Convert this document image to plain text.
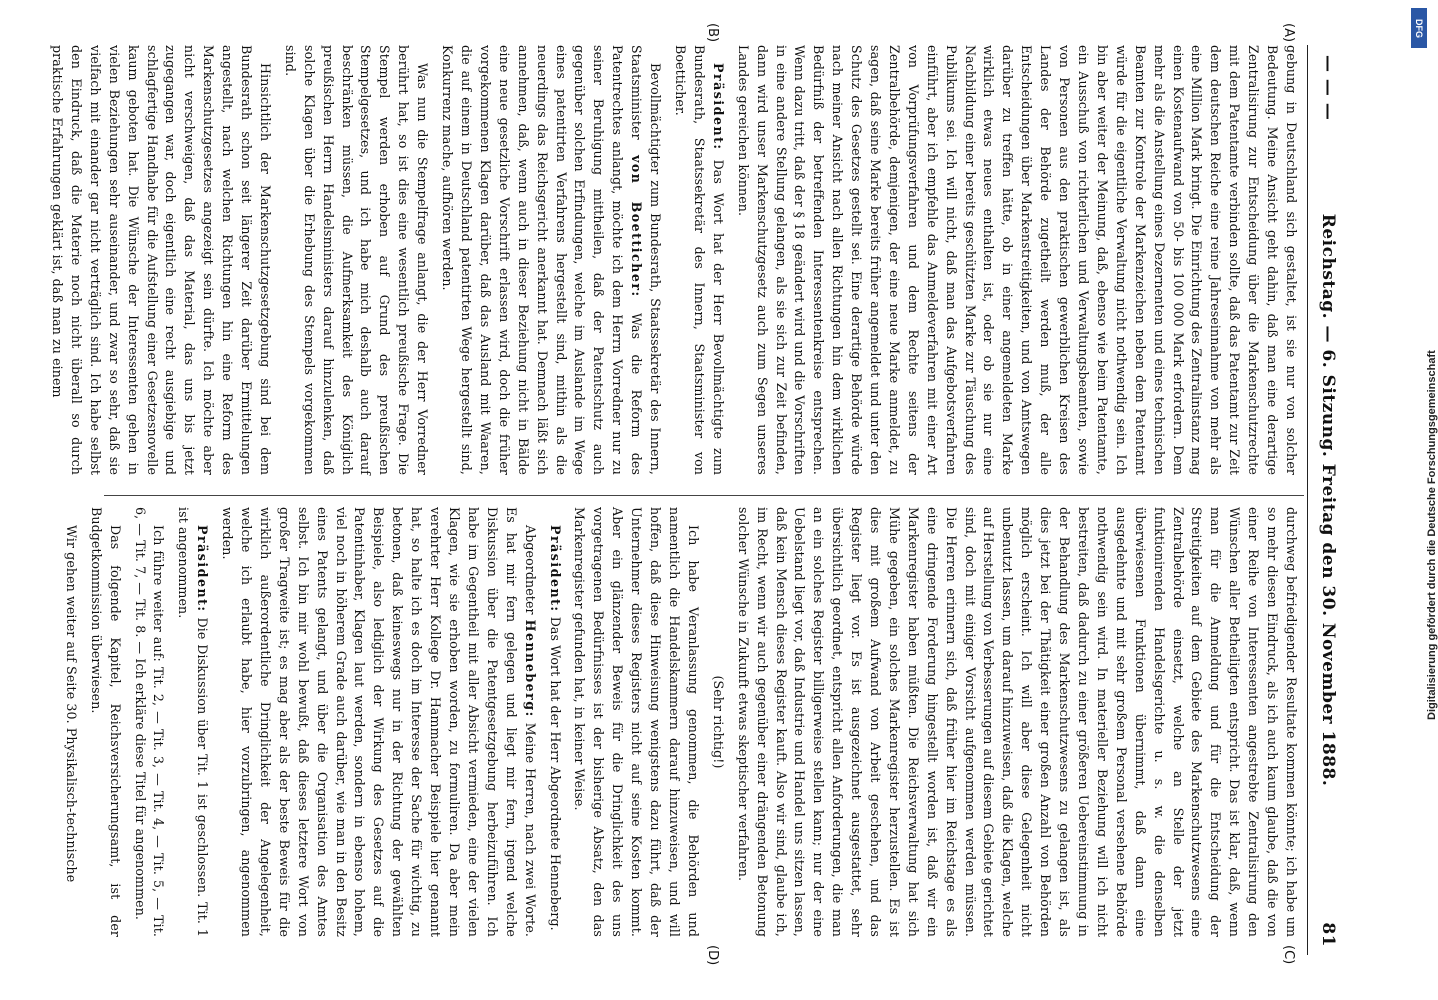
— — —
Reichstag. — 6. Sitzung. Freitag den 30. November 1888.
81
(A)
(B)
(C)
(D)

gebung in Deutschland sich gestaltet, ist sie nur von solcher Bedeutung. Meine Ansicht geht dahin, daß man eine derartige Zentralisirung zur Entscheidung über die Markenschutzrechte mit dem Patentamte verbinden sollte, daß das Patentamt zur Zeit dem deutschen Reiche eine reine Jahreseinnahme von mehr als eine Million Mark bringt. Die Einrichtung des Zentralinstanz mag einen Kostenaufwand von 50- bis 100 000 Mark erfordern. Dem mehr als die Anstellung eines Dezernenten und eines technischen Beamten zur Kontrole der Markenzeichen neben dem Patentamt würde für die eigentliche Verwaltung nicht nothwendig sein. Ich bin aber weiter der Meinung, daß, ebenso wie beim Patentamte, ein Ausschuß von richterlichen und Verwaltungsbeamten, sowie von Personen aus den praktischen gewerblichen Kreisen des Landes der Behörde zugetheilt werden muß, der alle Entscheidungen über Markenstreitigkeiten, und von Amtswegen darüber zu treffen hätte, ob in einer angemeldeten Marke wirklich etwas neues enthalten ist, oder ob sie nur eine Nachbildung einer bereits geschützten Marke zur Täuschung des Publikums sei. Ich will nicht, daß man das Aufgebotsverfahren einführt, aber ich empfehle das Anmeldeverfahren mit einer Art von Vorprüfungsverfahren und dem Rechte seitens der Zentralbehörde, demjenigen, der eine neue Marke anmeldet, zu sagen, daß seine Marke bereits früher angemeldet und unter den Schutz des Gesetzes gestellt sei. Eine derartige Behörde würde nach meiner Ansicht nach allen Richtungen hin dem wirklichen Bedürfniß der betreffenden Interessentenkreise entsprechen. Wenn dazu tritt, daß der § 18 geändert wird und die Vorschriften in eine andere Stellung gelangen, als sie sich zur Zeit befinden, dann wird unser Markenschutzgesetz auch zum Segen unseres Landes gereichen können.

Präsident: Das Wort hat der Herr Bevollmächtigte zum Bundesrath, Staatssekretär des Innern, Staatsminister von Boetticher.

Bevollmächtigter zum Bundesrath, Staatssekretär des Innern, Staatsminister von Boetticher: Was die Reform des Patentrechtes anlangt, möchte ich dem Herrn Vorredner nur zu seiner Beruhigung mittheilen, daß der Patentschutz auch gegenüber solchen Erfindungen, welche im Auslande im Wege eines patentirten Verfahrens hergestellt sind, mithin als die neuerdings das Reichsgericht anerkannt hat. Demnach läßt sich annehmen, daß, wenn auch in dieser Beziehung nicht in Bälde eine neue gesetzliche Vorschrift erlassen wird, doch die früher vorgekommenen Klagen darüber, daß das Ausland mit Waaren, die auf einem in Deutschland patentirten Wege hergestellt sind, Konkurrenz mache, aufhören werden.

Was nun die Stempelfrage anlangt, die der Herr Vorredner berührt hat, so ist dies eine wesentlich preußische Frage. Die Stempel werden erhoben auf Grund des preußischen Stempelgesetzes, und ich habe mich deshalb auch darauf beschränken müssen, die Aufmerksamkeit des Königlich preußischen Herrn Handelsministers darauf hinzulenken, daß solche Klagen über die Erhebung des Stempels vorgekommen sind.

Hinsichtlich der Markenschutzgesetzgebung sind bei dem Bundesrath schon seit längerer Zeit darüber Ermittelungen angestellt, nach welchen Richtungen hin eine Reform des Markenschutzgesetzes angezeigt sein dürfte. Ich möchte aber nicht verschweigen, daß das Material, das uns bis jetzt zugegangen war, doch eigentlich eine recht ausgiebige und schlagfertige Handhabe für die Aufstellung einer Gesetzesnovelle kaum geboten hat. Die Wünsche der Interessenten gehen in vielen Beziehungen sehr auseinander, und zwar so sehr, daß sie vielfach mit einander gar nicht verträglich sind. Ich habe selbst den Eindruck, daß die Materie noch nicht überall so durch praktische Erfahrungen geklärt ist, daß man zu einem

durchweg befriedigender Resultate kommen könnte; ich habe um so mehr diesen Eindruck, als ich auch kaum glaube, daß die von einer Reihe von Interessenten angestrebte Zentralisirung den Wünschen aller Betheiligten entspricht. Das ist klar, daß, wenn man für die Anmeldung und für die Entscheidung der Streitigkeiten auf dem Gebiete des Markenschutzwesens eine Zentralbehörde einsetzt, welche an Stelle der jetzt funktionirenden Handelsgerichte u. s. w. die denselben überwiesenen Funktionen übernimmt, daß dann eine ausgedehnte und mit sehr großem Personal versehene Behörde nothwendig sein wird. In materieller Beziehung will ich nicht bestreiten, daß dadurch zu einer größeren Uebereinstimmung in der Behandlung des Markenschutzwesens zu gelangen ist, als dies jetzt bei der Thätigkeit einer großen Anzahl von Behörden möglich erscheint. Ich will aber diese Gelegenheit nicht unbenutzt lassen, um darauf hinzuweisen, daß die Klagen, welche auf Herstellung von Verbesserungen auf diesem Gebiete gerichtet sind, doch mit einiger Vorsicht aufgenommen werden müssen. Die Herren erinnern sich, daß früher hier im Reichstage es als eine dringende Forderung hingestellt worden ist, daß wir ein Markenregister haben müßten. Die Reichsverwaltung hat sich Mühe gegeben, ein solches Markenregister herzustellen. Es ist dies mit großem Aufwand von Arbeit geschehen, und das Register liegt vor. Es ist ausgezeichnet ausgestattet, sehr übersichtlich geordnet, entspricht allen Anforderungen, die man an ein solches Register billigerweise stellen kann; nur der eine Uebelstand liegt vor, daß Industrie und Handel uns sitzen lassen, daß kein Mensch dieses Register kauft. Also wir sind, glaube ich, im Recht, wenn wir auch gegenüber einer drängenden Betonung solcher Wünsche in Zukunft etwas skeptischer verfahren.

(Sehr richtig!)

Ich habe Veranlassung genommen, die Behörden und namentlich die Handelskammern darauf hinzuweisen, und will hoffen, daß diese Hinweisung wenigstens dazu führt, daß der Unternehmer dieses Registers nicht auf seine Kosten kommt. Aber ein glänzender Beweis für die Dringlichkeit des uns vorgetragenen Bedürfnisses ist der bisherige Absatz, den das Markenregister gefunden hat, in keiner Weise.

Präsident: Das Wort hat der Herr Abgeordnete Henneberg.

Abgeordneter Henneberg: Meine Herren, nach zwei Worte. Es hat mir fern gelegen und liegt mir fern, irgend welche Diskussion über die Patentgesetzgebung herbeizuführen. Ich habe im Gegentheil mit aller Absicht vermieden, eine der vielen Klagen, wie sie erhoben worden, zu formuliren. Da aber mein verehrter Herr Kollege Dr. Hammacher Beispiele hier genannt hat, so halte ich es doch im Interesse der Sache für wichtig, zu betonen, daß keineswegs nur in der Richtung der gewählten Beispiele, also lediglich der Wirkung des Gesetzes auf die Patentinhaber, Klagen laut werden, sondern in ebenso hohem, viel noch in höherem Grade auch darüber, wie man in den Besitz eines Patents gelangt, und über die Organisation des Amtes selbst. Ich bin mir wohl bewußt, daß dieses letztere Wort von großer Tragweite ist; es mag aber als der beste Beweis für die wirklich außerordentliche Dringlichkeit der Angelegenheit, welche ich erlaubt habe, hier vorzubringen, angenommen werden.

Präsident: Die Diskussion über Tit. 1 ist geschlossen. Tit. 1 ist angenommen.

Ich führe weiter auf: Tit. 2, — Tit. 3, — Tit. 4, — Tit. 5, — Tit. 6, — Tit. 7, — Tit. 8. — Ich erkläre diese Titel für angenommen.

Das folgende Kapitel, Reichsversicherungsamt, ist der Budgetkommission überwiesen.

Wir gehen weiter auf Seite 30. Physikalisch-technische

DFG
Digitalisierung gefördert durch die Deutsche Forschungsgemeinschaft
